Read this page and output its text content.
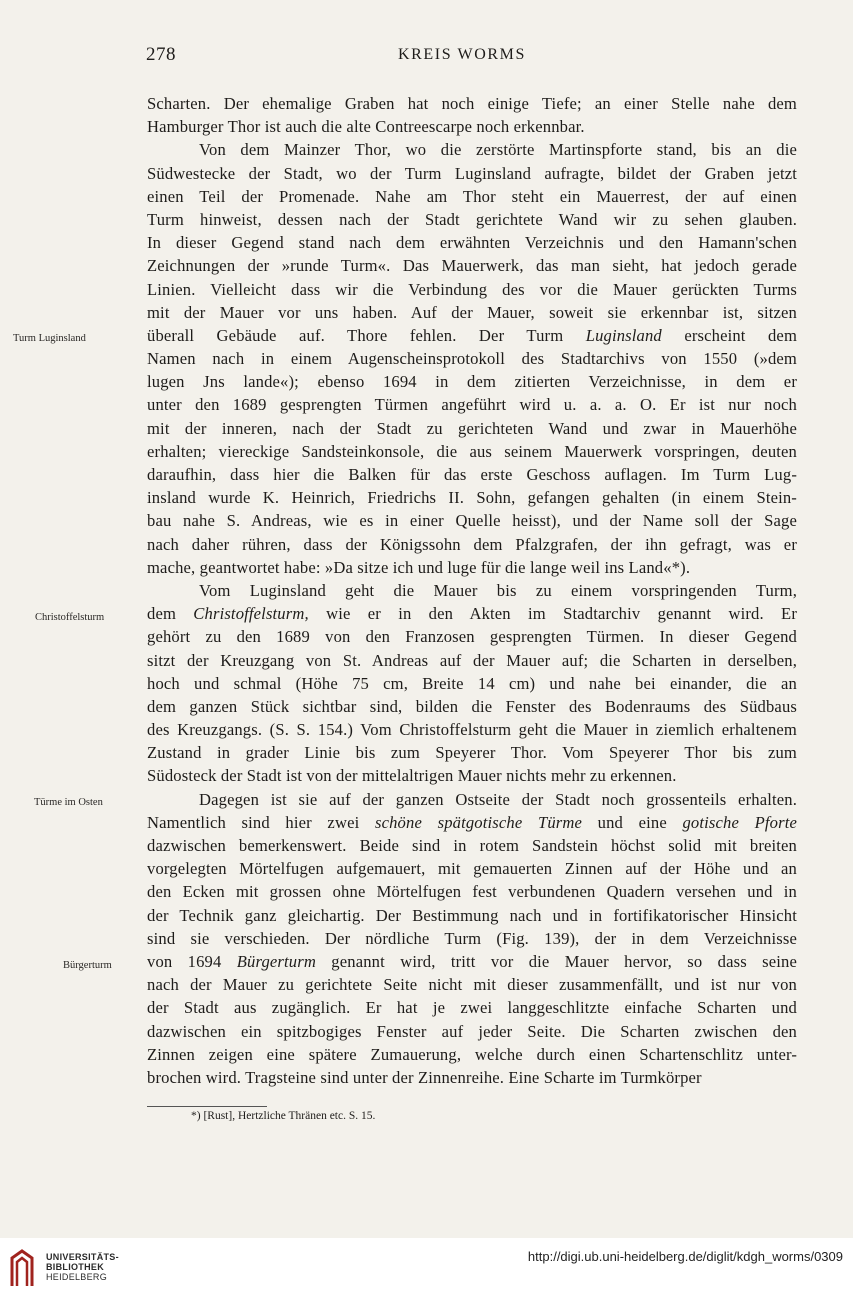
278	KREIS WORMS
Turm Luginsland
Christoffelsturm
Türme im Osten
Bürgerturm
Scharten. Der ehemalige Graben hat noch einige Tiefe; an einer Stelle nahe dem
Hamburger Thor ist auch die alte Contreescarpe noch erkennbar.
Von dem Mainzer Thor, wo die zerstörte Martinspforte stand, bis an die
Südwestecke der Stadt, wo der Turm Luginsland aufragte, bildet der Graben jetzt
einen Teil der Promenade. Nahe am Thor steht ein Mauerrest, der auf einen
Turm hinweist, dessen nach der Stadt gerichtete Wand wir zu sehen glauben.
In dieser Gegend stand nach dem erwähnten Verzeichnis und den Hamann'schen
Zeichnungen der »runde Turm«. Das Mauerwerk, das man sieht, hat jedoch gerade
Linien. Vielleicht dass wir die Verbindung des vor die Mauer gerückten Turms
mit der Mauer vor uns haben. Auf der Mauer, soweit sie erkennbar ist, sitzen
überall Gebäude auf. Thore fehlen. Der Turm Luginsland erscheint dem
Namen nach in einem Augenscheinsprotokoll des Stadtarchivs von 1550 (»dem
lugen Jns lande«); ebenso 1694 in dem zitierten Verzeichnisse, in dem er
unter den 1689 gesprengten Türmen angeführt wird u. a. a. O. Er ist nur noch
mit der inneren, nach der Stadt zu gerichteten Wand und zwar in Mauerhöhe
erhalten; viereckige Sandsteinkonsole, die aus seinem Mauerwerk vorspringen, deuten
daraufhin, dass hier die Balken für das erste Geschoss auflagen. Im Turm Lug-
insland wurde K. Heinrich, Friedrichs II. Sohn, gefangen gehalten (in einem Stein-
bau nahe S. Andreas, wie es in einer Quelle heisst), und der Name soll der Sage
nach daher rühren, dass der Königssohn dem Pfalzgrafen, der ihn gefragt, was er
mache, geantwortet habe: »Da sitze ich und luge für die lange weil ins Land«*).
Vom Luginsland geht die Mauer bis zu einem vorspringenden Turm,
dem Christoffelsturm, wie er in den Akten im Stadtarchiv genannt wird. Er
gehört zu den 1689 von den Franzosen gesprengten Türmen. In dieser Gegend
sitzt der Kreuzgang von St. Andreas auf der Mauer auf; die Scharten in derselben,
hoch und schmal (Höhe 75 cm, Breite 14 cm) und nahe bei einander, die an
dem ganzen Stück sichtbar sind, bilden die Fenster des Bodenraums des Südbaus
des Kreuzgangs. (S. S. 154.) Vom Christoffelsturm geht die Mauer in ziemlich erhaltenem
Zustand in grader Linie bis zum Speyerer Thor. Vom Speyerer Thor bis zum
Südosteck der Stadt ist von der mittelaltrigen Mauer nichts mehr zu erkennen.
Dagegen ist sie auf der ganzen Ostseite der Stadt noch grossenteils erhalten.
Namentlich sind hier zwei schöne spätgotische Türme und eine gotische Pforte
dazwischen bemerkenswert. Beide sind in rotem Sandstein höchst solid mit breiten
vorgelegten Mörtelfugen aufgemauert, mit gemauerten Zinnen auf der Höhe und an
den Ecken mit grossen ohne Mörtelfugen fest verbundenen Quadern versehen und in
der Technik ganz gleichartig. Der Bestimmung nach und in fortifikatorischer Hinsicht
sind sie verschieden. Der nördliche Turm (Fig. 139), der in dem Verzeichnisse
von 1694 Bürgerturm genannt wird, tritt vor die Mauer hervor, so dass seine
nach der Mauer zu gerichtete Seite nicht mit dieser zusammenfällt, und ist nur von
der Stadt aus zugänglich. Er hat je zwei langgeschlitzte einfache Scharten und
dazwischen ein spitzbogiges Fenster auf jeder Seite. Die Scharten zwischen den
Zinnen zeigen eine spätere Zumauerung, welche durch einen Schartenschlitz unter-
brochen wird. Tragsteine sind unter der Zinnenreihe. Eine Scharte im Turmkörper
*) [Rust], Hertzliche Thränen etc. S. 15.
UNIVERSITÄTS-
BIBLIOTHEK
HEIDELBERG
http://digi.ub.uni-heidelberg.de/diglit/kdgh_worms/0309
